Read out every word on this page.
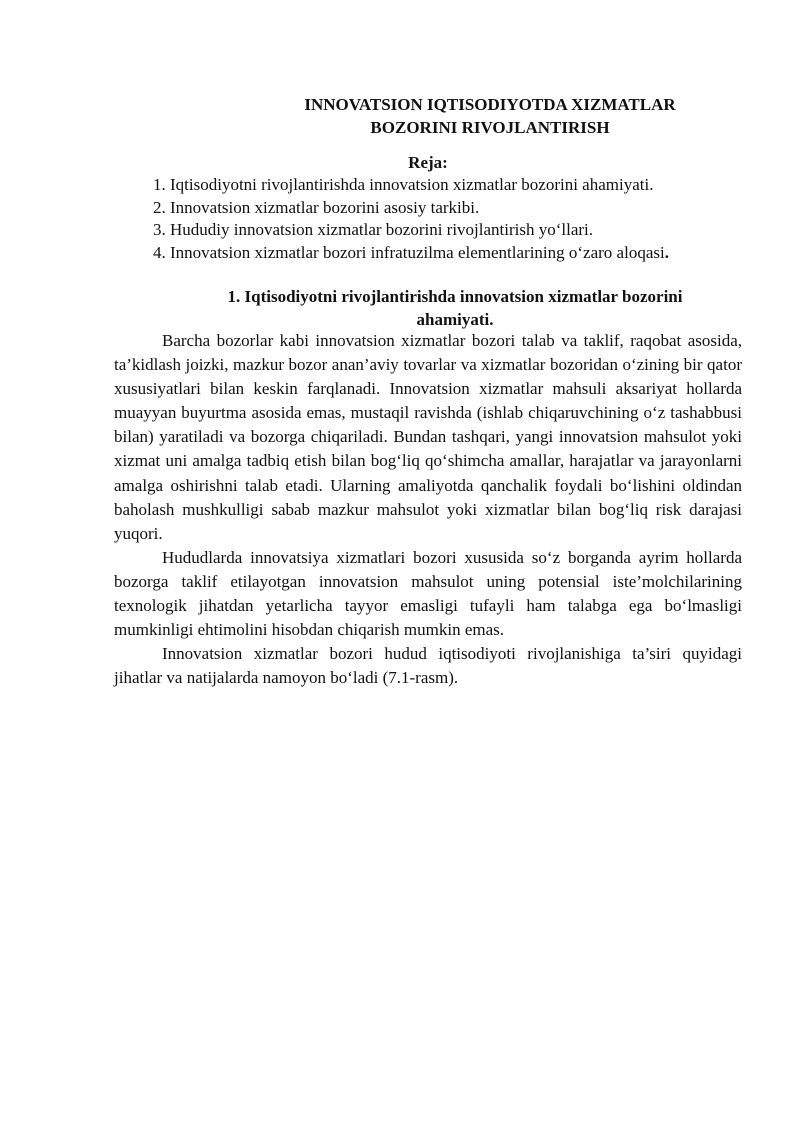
INNOVATSION IQTISODIYOTDA XIZMATLAR
BOZORINI RIVOJLANTIRISH
Reja:
1. Iqtisodiyotni rivojlantirishda innovatsion xizmatlar bozorini ahamiyati.
2. Innovatsion xizmatlar bozorini asosiy tarkibi.
3. Hududiy innovatsion xizmatlar bozorini rivojlantirish yo‘llari.
4. Innovatsion xizmatlar bozori infratuzilma elementlarining o‘zaro aloqasi.
1. Iqtisodiyotni rivojlantirishda innovatsion xizmatlar bozorini
ahamiyati.

Barcha bozorlar kabi innovatsion xizmatlar bozori talab va taklif, raqobat asosida, ta’kidlash joizki, mazkur bozor anan’aviy tovarlar va xizmatlar bozoridan o‘zining bir qator xususiyatlari bilan keskin farqlanadi. Innovatsion xizmatlar mahsuli aksariyat hollarda muayyan buyurtma asosida emas, mustaqil ravishda (ishlab chiqaruvchining o‘z tashabbusi bilan) yaratiladi va bozorga chiqariladi. Bundan tashqari, yangi innovatsion mahsulot yoki xizmat uni amalga tadbiq etish bilan bog‘liq qo‘shimcha amallar, harajatlar va jarayonlarni amalga oshirishni talab etadi. Ularning amaliyotda qanchalik foydali bo‘lishini oldindan baholash mushkulligi sabab mazkur mahsulot yoki xizmatlar bilan bog‘liq risk darajasi yuqori.

Hududlarda innovatsiya xizmatlari bozori xususida so‘z borganda ayrim hollarda bozorga taklif etilayotgan innovatsion mahsulot uning potensial iste’molchilarining texnologik jihatdan yetarlicha tayyor emasligi tufayli ham talabga ega bo‘lmasligi mumkinligi ehtimolini hisobdan chiqarish mumkin emas.

Innovatsion xizmatlar bozori hudud iqtisodiyoti rivojlanishiga ta’siri quyidagi jihatlar va natijalarda namoyon bo‘ladi (7.1-rasm).
